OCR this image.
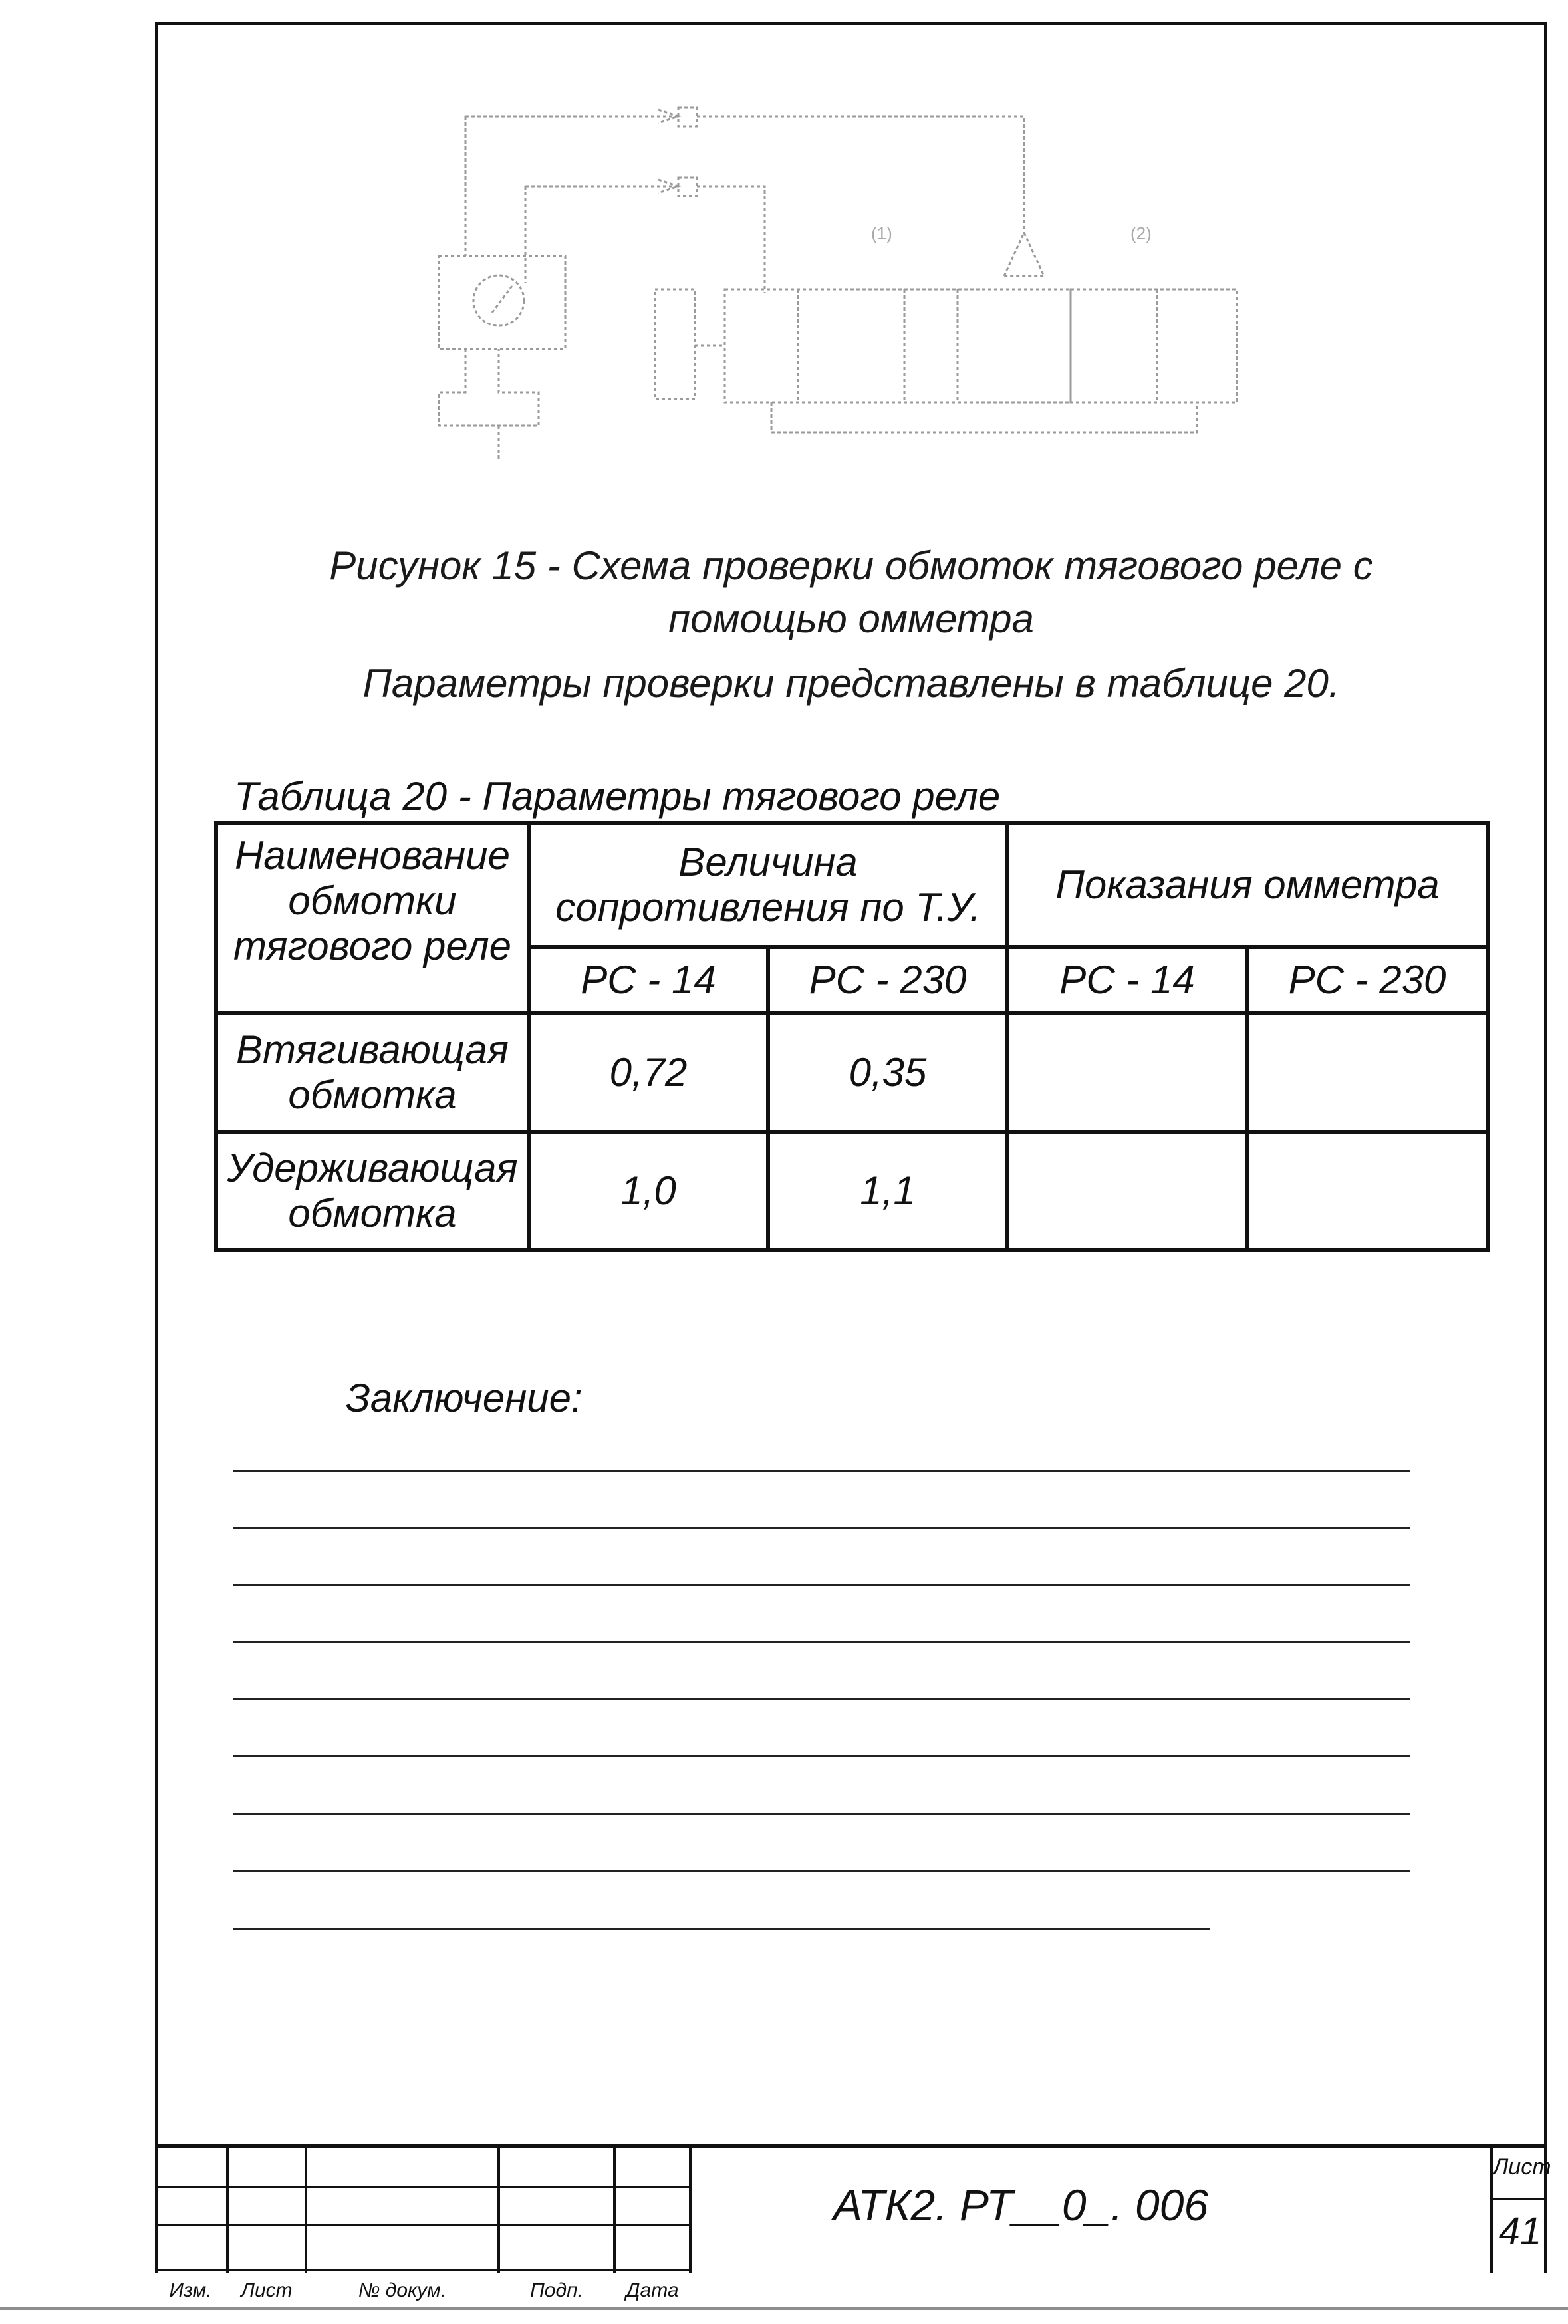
(1)	(2)
Рисунок 15 - Схема проверки обмоток тягового реле с
помощью омметра
Параметры проверки представлены в таблице 20.
Таблица 20 - Параметры тягового реле
Наименование обмотки тягового реле	Величина сопротивления по Т.У.		Показания омметра	
	PC - 14	PC - 230	PC - 14	PC - 230
Втягивающая обмотка	0,72	0,35		
Удерживающая обмотка	1,0	1,1		
Заключение:
Изм.	Лист	№ докум.	Подп.	Дата
АТК2. РТ__0_. 006
Лист
41
